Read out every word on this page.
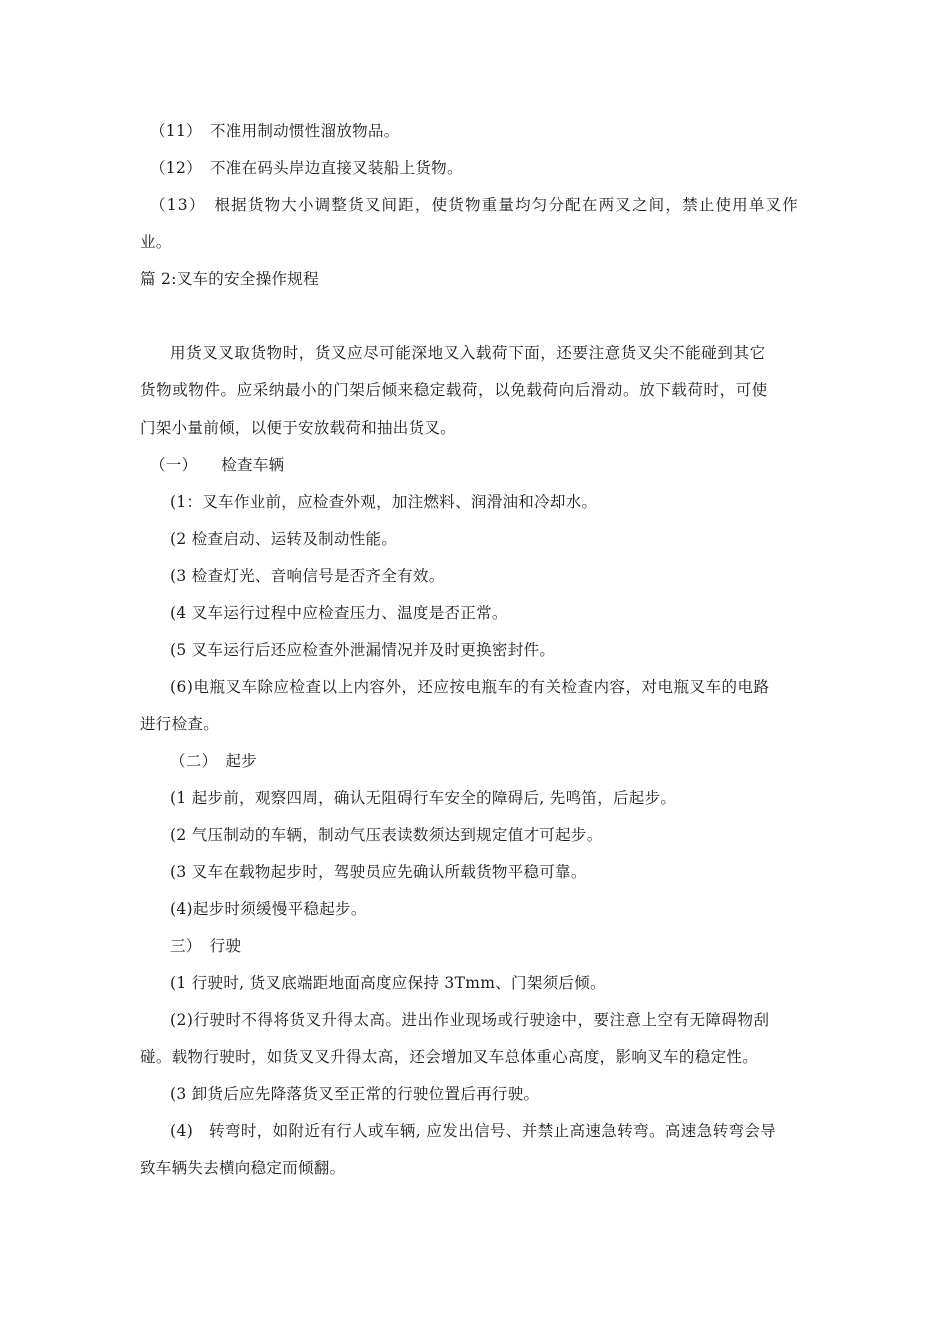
（11）　不准用制动惯性溜放物品。
（12）　不准在码头岸边直接叉装船上货物。
（13）　根据货物大小调整货叉间距，使货物重量均匀分配在两叉之间，禁止使用单叉作
业。
篇 2:叉车的安全操作规程
用货叉叉取货物时，货叉应尽可能深地叉入载荷下面，还要注意货叉尖不能碰到其它
货物或物件。应采纳最小的门架后倾来稳定载荷，以免载荷向后滑动。放下载荷时，可使
门架小量前倾，以便于安放载荷和抽出货叉。
（一）　　检查车辆
(1：叉车作业前，应检查外观，加注燃料、润滑油和冷却水。
(2 检查启动、运转及制动性能。
(3 检查灯光、音响信号是否齐全有效。
(4 叉车运行过程中应检查压力、温度是否正常。
(5 叉车运行后还应检查外泄漏情况并及时更换密封件。
(6)电瓶叉车除应检查以上内容外，还应按电瓶车的有关检查内容，对电瓶叉车的电路
进行检查。
（二）　起步
(1 起步前，观察四周，确认无阻碍行车安全的障碍后, 先鸣笛，后起步。
(2 气压制动的车辆，制动气压表读数须达到规定值才可起步。
(3 叉车在载物起步时，驾驶员应先确认所载货物平稳可靠。
(4)起步时须缓慢平稳起步。
三）　行驶
(1 行驶时, 货叉底端距地面高度应保持 3Tmm、门架须后倾。
(2)行驶时不得将货叉升得太高。进出作业现场或行驶途中，要注意上空有无障碍物刮
碰。载物行驶时，如货叉叉升得太高，还会增加叉车总体重心高度，影响叉车的稳定性。
(3 卸货后应先降落货叉至正常的行驶位置后再行驶。
(4)　转弯时，如附近有行人或车辆, 应发出信号、并禁止高速急转弯。高速急转弯会导
致车辆失去横向稳定而倾翻。
